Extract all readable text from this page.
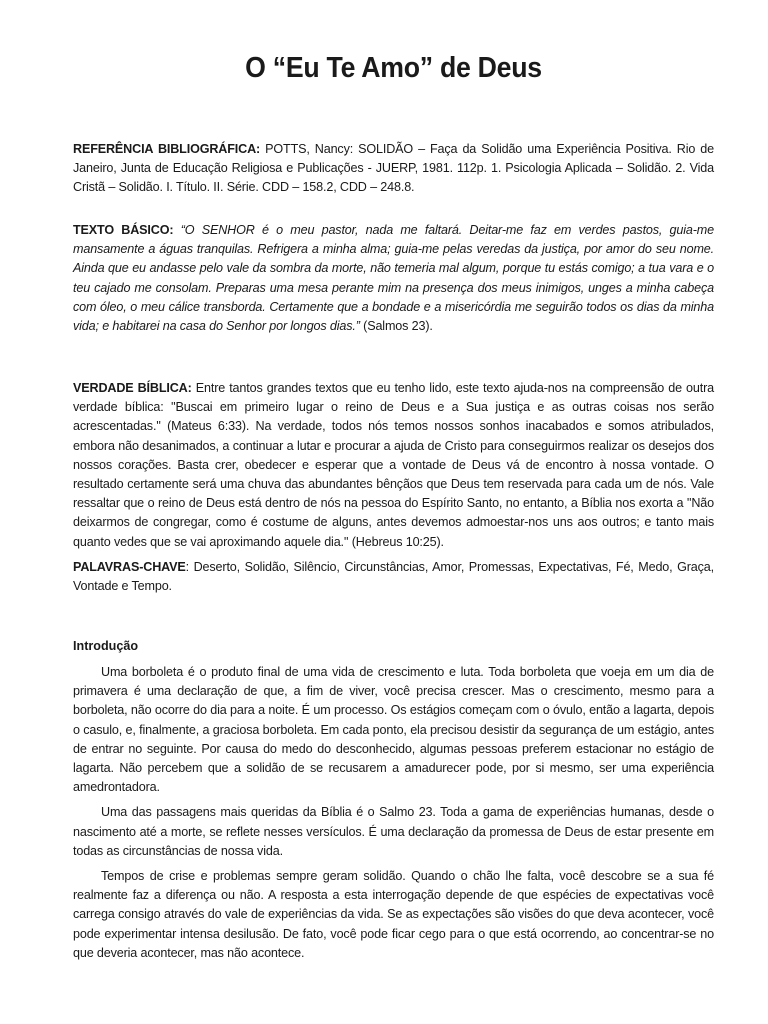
O “Eu Te Amo” de Deus

REFERÊNCIA BIBLIOGRÁFICA: POTTS, Nancy: SOLIDÃO – Faça da Solidão uma Experiência Positiva. Rio de Janeiro, Junta de Educação Religiosa e Publicações - JUERP, 1981. 112p. 1. Psicologia Aplicada – Solidão. 2. Vida Cristã – Solidão. I. Título. II. Série. CDD – 158.2, CDD – 248.8.

TEXTO BÁSICO: “O SENHOR é o meu pastor, nada me faltará. Deitar-me faz em verdes pastos, guia-me mansamente a águas tranquilas. Refrigera a minha alma; guia-me pelas veredas da justiça, por amor do seu nome. Ainda que eu andasse pelo vale da sombra da morte, não temeria mal algum, porque tu estás comigo; a tua vara e o teu cajado me consolam. Preparas uma mesa perante mim na presença dos meus inimigos, unges a minha cabeça com óleo, o meu cálice transborda. Certamente que a bondade e a misericórdia me seguirão todos os dias da minha vida; e habitarei na casa do Senhor por longos dias.” (Salmos 23).

VERDADE BÍBLICA: Entre tantos grandes textos que eu tenho lido, este texto ajuda-nos na compreensão de outra verdade bíblica: ''Buscai em primeiro lugar o reino de Deus e a Sua justiça e as outras coisas nos serão acrescentadas.'' (Mateus 6:33). Na verdade, todos nós temos nossos sonhos inacabados e somos atribulados, embora não desanimados, a continuar a lutar e procurar a ajuda de Cristo para conseguirmos realizar os desejos dos nossos corações. Basta crer, obedecer e esperar que a vontade de Deus vá de encontro à nossa vontade. O resultado certamente será uma chuva das abundantes bênçãos que Deus tem reservada para cada um de nós. Vale ressaltar que o reino de Deus está dentro de nós na pessoa do Espírito Santo, no entanto, a Bíblia nos exorta a ''Não deixarmos de congregar, como é costume de alguns, antes devemos admoestar-nos uns aos outros; e tanto mais quanto vedes que se vai aproximando aquele dia.'' (Hebreus 10:25).

PALAVRAS-CHAVE: Deserto, Solidão, Silêncio, Circunstâncias, Amor, Promessas, Expectativas, Fé, Medo, Graça, Vontade e Tempo.

Introdução

Uma borboleta é o produto final de uma vida de crescimento e luta. Toda borboleta que voeja em um dia de primavera é uma declaração de que, a fim de viver, você precisa crescer. Mas o crescimento, mesmo para a borboleta, não ocorre do dia para a noite. É um processo. Os estágios começam com o óvulo, então a lagarta, depois o casulo, e, finalmente, a graciosa borboleta. Em cada ponto, ela precisou desistir da segurança de um estágio, antes de entrar no seguinte. Por causa do medo do desconhecido, algumas pessoas preferem estacionar no estágio de lagarta. Não percebem que a solidão de se recusarem a amadurecer pode, por si mesmo, ser uma experiência amedrontadora.

Uma das passagens mais queridas da Bíblia é o Salmo 23. Toda a gama de experiências humanas, desde o nascimento até a morte, se reflete nesses versículos. É uma declaração da promessa de Deus de estar presente em todas as circunstâncias de nossa vida.

Tempos de crise e problemas sempre geram solidão. Quando o chão lhe falta, você descobre se a sua fé realmente faz a diferença ou não. A resposta a esta interrogação depende de que espécies de expectativas você carrega consigo através do vale de experiências da vida. Se as expectações são visões do que deva acontecer, você pode experimentar intensa desilusão. De fato, você pode ficar cego para o que está ocorrendo, ao concentrar-se no que deveria acontecer, mas não acontece.
